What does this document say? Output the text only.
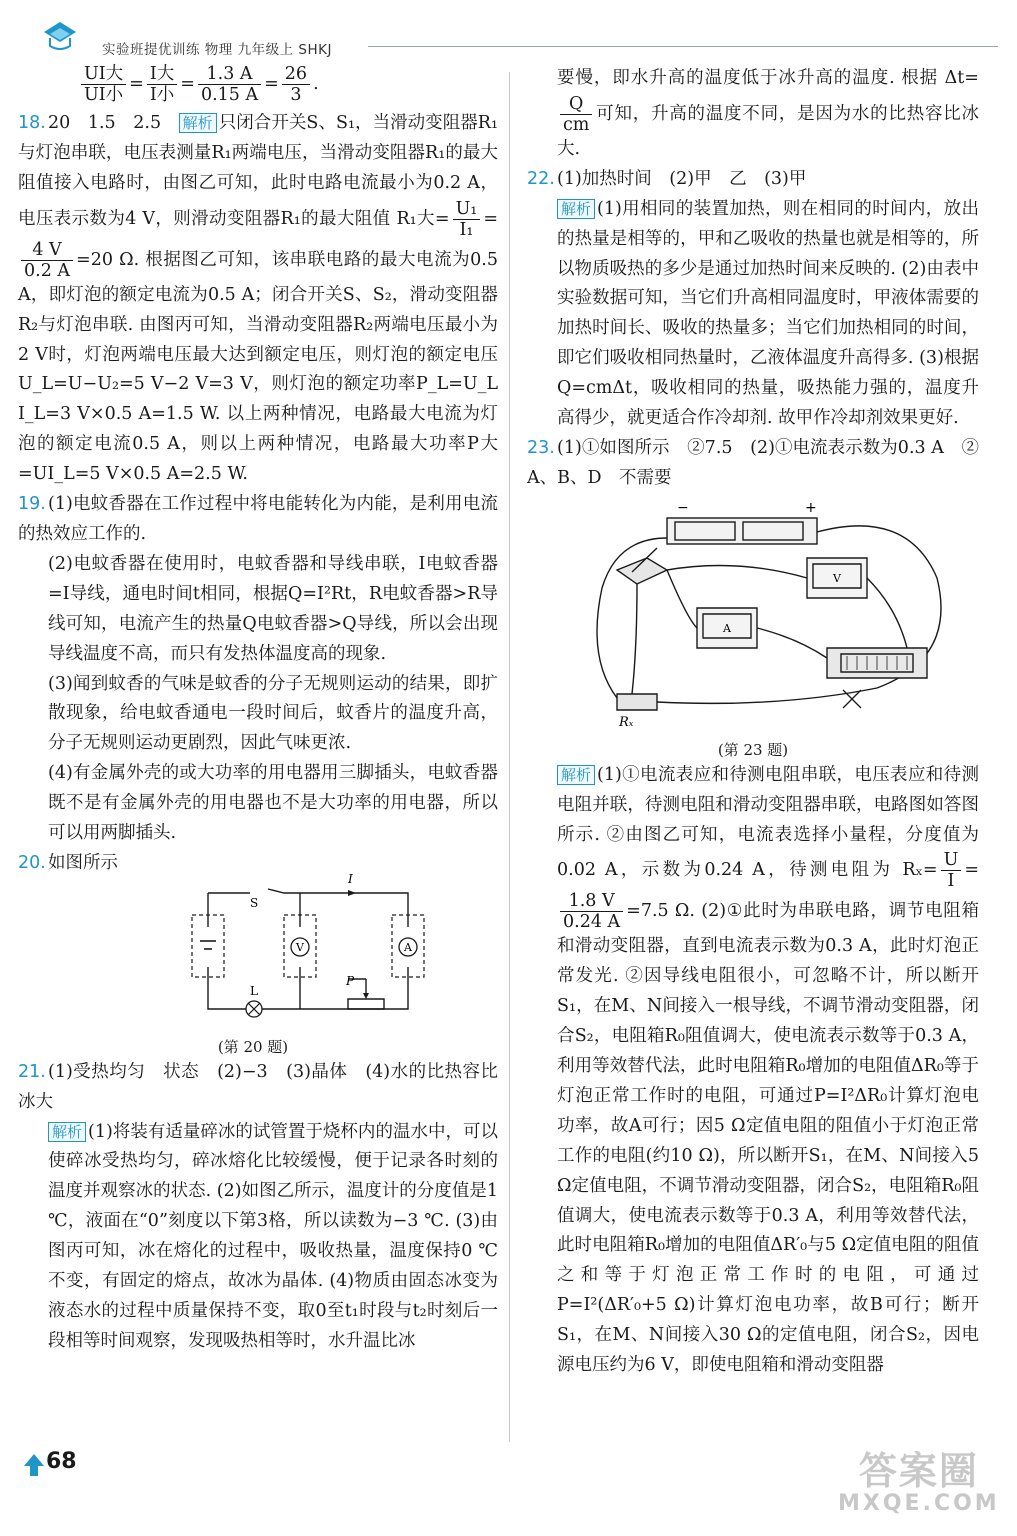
实验班提优训练 物理 九年级上 SHKJ
$\frac{\text{UI大}}{\text{UI小}} = \frac{\text{I大}}{\text{I小}} = \frac{1.3 A}{0.15 A} = \frac{26}{3}$ .
18. 20　1.5　2.5　 解析 只闭合开关S、S₁，当滑动变阻器R₁与灯泡串联，电压表测量R₁两端电压，当滑动变阻器R₁的最大阻值接入电路时，由图乙可知，此时电路电流最小为0.2 A，电压表示数为4 V，则滑动变阻器R₁的最大阻值 R₁大= $\frac{\text{U₁}}{\text{I₁}}$ =
$\frac{4 V}{0.2 A} =20$ Ω. 根据图乙可知，该串联电路的最大电流为0.5 A，即灯泡的额定电流为0.5 A；闭合开关S、S₂，滑动变阻器R₂与灯泡串联. 由图丙可知，当滑动变阻器R₂两端电压最小为2 V时，灯泡两端电压最大达到额定电压，则灯泡的额定电压U_L=U−U₂=5 V−2 V=3 V，则灯泡的额定功率P_L=U_L I_L=3 V×0.5 A=1.5 W. 以上两种情况，电路最大电流为灯泡的额定电流0.5 A，则以上两种情况，电路最大功率P大=UI_L=5 V×0.5 A=2.5 W.
19. (1)电蚊香器在工作过程中将电能转化为内能，是利用电流的热效应工作的.
(2)电蚊香器在使用时，电蚊香器和导线串联，I电蚊香器=I导线，通电时间t相同，根据Q=I²Rt，R电蚊香器>R导线可知，电流产生的热量Q电蚊香器>Q导线，所以会出现导线温度不高，而只有发热体温度高的现象.
(3)闻到蚊香的气味是蚊香的分子无规则运动的结果，即扩散现象，给电蚊香通电一段时间后，蚊香片的温度升高，分子无规则运动更剧烈，因此气味更浓.
(4)有金属外壳的或大功率的用电器用三脚插头，电蚊香器既不是有金属外壳的用电器也不是大功率的用电器，所以可以用两脚插头.
20. 如图所示
V	A
S
I
L
P
(第 20 题)
21. (1)受热均匀　状态　(2)−3　(3)晶体　(4)水的比热容比冰大
解析 (1)将装有适量碎冰的试管置于烧杯内的温水中，可以使碎冰受热均匀，碎冰熔化比较缓慢，便于记录各时刻的温度并观察冰的状态. (2)如图乙所示，温度计的分度值是1 ℃，液面在“0”刻度以下第3格，所以读数为−3 ℃. (3)由图丙可知，冰在熔化的过程中，吸收热量，温度保持0 ℃不变，有固定的熔点，故冰为晶体. (4)物质由固态冰变为液态水的过程中质量保持不变，取0至t₁时段与t₂时刻后一段相等时间观察，发现吸热相等时，水升温比冰
要慢，即水升高的温度低于冰升高的温度. 根据 Δt=
$\frac{Q}{cm}$ 可知，升高的温度不同，是因为水的比热容比冰大.
22. (1)加热时间　(2)甲　乙　(3)甲
解析 (1)用相同的装置加热，则在相同的时间内，放出的热量是相等的，甲和乙吸收的热量也就是相等的，所以物质吸热的多少是通过加热时间来反映的. (2)由表中实验数据可知，当它们升高相同温度时，甲液体需要的加热时间长、吸收的热量多；当它们加热相同的时间，即它们吸收相同热量时，乙液体温度升高得多. (3)根据Q=cmΔt，吸收相同的热量，吸热能力强的，温度升高得少，就更适合作冷却剂. 故甲作冷却剂效果更好.
23. (1)①如图所示　②7.5　(2)①电流表示数为0.3 A　② A、B、D　不需要
−	+
V
A
Rₓ
(第 23 题)
解析 (1)①电流表应和待测电阻串联，电压表应和待测电阻并联，待测电阻和滑动变阻器串联，电路图如答图所示. ②由图乙可知，电流表选择小量程，分度值为0.02 A，示数为0.24 A，待测电阻为 $R_x= \frac{U}{I}$ =
$\frac{1.8 V}{0.24 A} =7.5$ Ω. (2)①此时为串联电路，调节电阻箱和滑动变阻器，直到电流表示数为0.3 A，此时灯泡正常发光. ②因导线电阻很小，可忽略不计，所以断开S₁，在M、N间接入一根导线，不调节滑动变阻器，闭合S₂，电阻箱R₀阻值调大，使电流表示数等于0.3 A，利用等效替代法，此时电阻箱R₀增加的电阻值ΔR₀等于灯泡正常工作时的电阻，可通过P=I²ΔR₀计算灯泡电功率，故A可行；因5 Ω定值电阻的阻值小于灯泡正常工作的电阻(约10 Ω)，所以断开S₁，在M、N间接入5 Ω定值电阻，不调节滑动变阻器，闭合S₂，电阻箱R₀阻值调大，使电流表示数等于0.3 A，利用等效替代法，此时电阻箱R₀增加的电阻值ΔR′₀与5 Ω定值电阻的阻值之和等于灯泡正常工作时的电阻，可通过P=I²(ΔR′₀+5 Ω)计算灯泡电功率，故B可行；断开S₁，在M、N间接入30 Ω的定值电阻，闭合S₂，因电源电压约为6 V，即使电阻箱和滑动变阻器
68	答案圈
MXQE.COM
